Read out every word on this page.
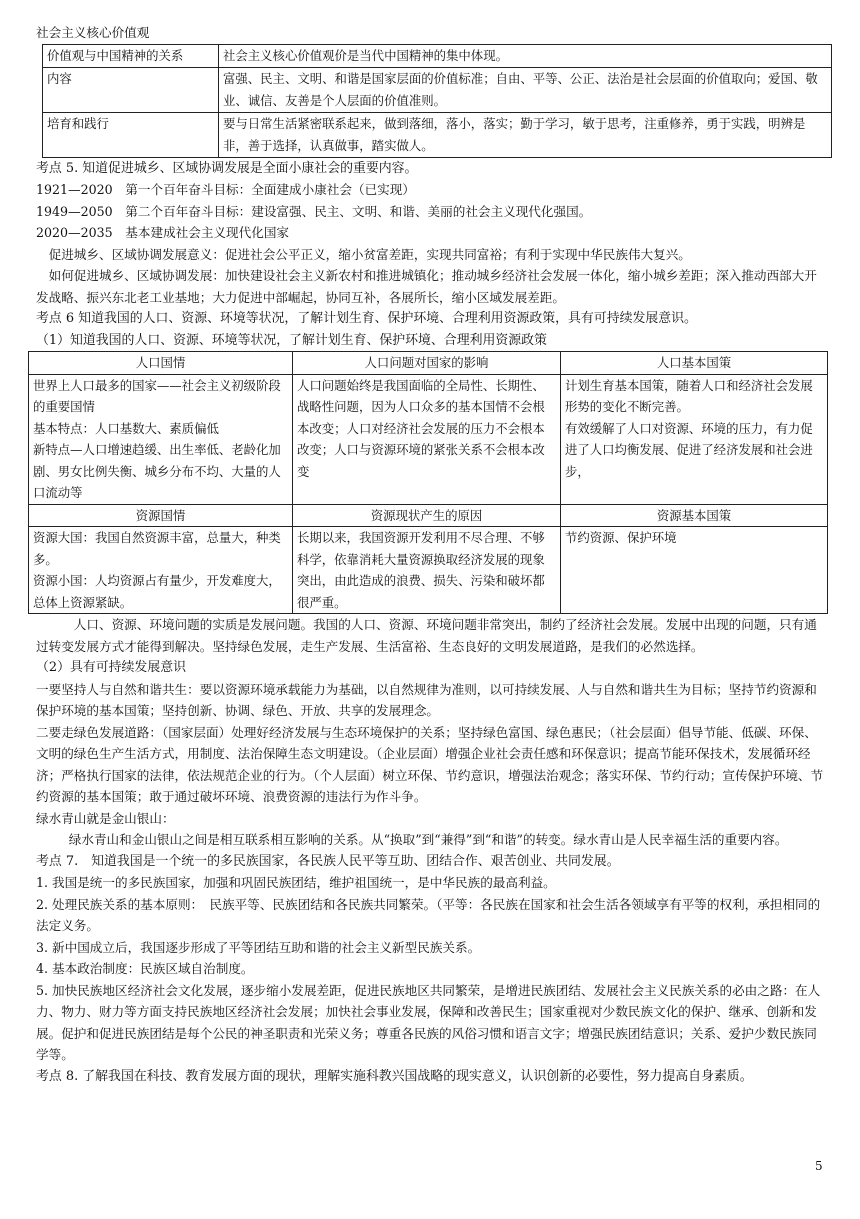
社会主义核心价值观

价值观与中国精神的关系	社会主义核心价值观价是当代中国精神的集中体现。
内容	富强、民主、文明、和谐是国家层面的价值标准；自由、平等、公正、法治是社会层面的价值取向；爱国、敬业、诚信、友善是个人层面的价值准则。
培育和践行	要与日常生活紧密联系起来，做到落细，落小，落实；勤于学习，敏于思考，注重修养，勇于实践，明辨是非，善于选择，认真做事，踏实做人。

考点 5. 知道促进城乡、区域协调发展是全面小康社会的重要内容。

1921—2020　第一个百年奋斗目标：全面建成小康社会（已实现）

1949—2050　第二个百年奋斗目标：建设富强、民主、文明、和谐、美丽的社会主义现代化强国。

2020—2035　基本建成社会主义现代化国家

促进城乡、区域协调发展意义：促进社会公平正义，缩小贫富差距，实现共同富裕；有利于实现中华民族伟大复兴。

如何促进城乡、区域协调发展：加快建设社会主义新农村和推进城镇化；推动城乡经济社会发展一体化，缩小城乡差距；深入推动西部大开发战略、振兴东北老工业基地；大力促进中部崛起，协同互补，各展所长，缩小区域发展差距。

考点 6 知道我国的人口、资源、环境等状况，了解计划生育、保护环境、合理利用资源政策，具有可持续发展意识。

（1）知道我国的人口、资源、环境等状况，了解计划生育、保护环境、合理利用资源政策

人口国情	人口问题对国家的影响	人口基本国策
世界上人口最多的国家——社会主义初级阶段的重要国情
基本特点：人口基数大、素质偏低
新特点—人口增速趋缓、出生率低、老龄化加剧、男女比例失衡、城乡分布不均、大量的人口流动等	人口问题始终是我国面临的全局性、长期性、战略性问题，因为人口众多的基本国情不会根本改变；人口对经济社会发展的压力不会根本改变；人口与资源环境的紧张关系不会根本改变	计划生育基本国策，随着人口和经济社会发展形势的变化不断完善。
有效缓解了人口对资源、环境的压力，有力促进了人口均衡发展、促进了经济发展和社会进步，
资源国情	资源现状产生的原因	资源基本国策
资源大国：我国自然资源丰富，总量大，种类多。
资源小国：人均资源占有量少，开发难度大，总体上资源紧缺。	长期以来，我国资源开发利用不尽合理、不够科学，依靠消耗大量资源换取经济发展的现象突出，由此造成的浪费、损失、污染和破坏都很严重。	节约资源、保护环境

人口、资源、环境问题的实质是发展问题。我国的人口、资源、环境问题非常突出，制约了经济社会发展。发展中出现的问题，只有通过转变发展方式才能得到解决。坚持绿色发展，走生产发展、生活富裕、生态良好的文明发展道路，是我们的必然选择。

（2）具有可持续发展意识

一要坚持人与自然和谐共生：要以资源环境承载能力为基础，以自然规律为准则，以可持续发展、人与自然和谐共生为目标；坚持节约资源和保护环境的基本国策；坚持创新、协调、绿色、开放、共享的发展理念。

二要走绿色发展道路：（国家层面）处理好经济发展与生态环境保护的关系；坚持绿色富国、绿色惠民；（社会层面）倡导节能、低碳、环保、文明的绿色生产生活方式，用制度、法治保障生态文明建设。（企业层面）增强企业社会责任感和环保意识；提高节能环保技术，发展循环经济；严格执行国家的法律，依法规范企业的行为。（个人层面）树立环保、节约意识，增强法治观念；落实环保、节约行动；宣传保护环境、节约资源的基本国策；敢于通过破坏环境、浪费资源的违法行为作斗争。

绿水青山就是金山银山：

绿水青山和金山银山之间是相互联系相互影响的关系。从“换取”到“兼得”到“和谐”的转变。绿水青山是人民幸福生活的重要内容。

考点 7.　知道我国是一个统一的多民族国家，各民族人民平等互助、团结合作、艰苦创业、共同发展。

1. 我国是统一的多民族国家，加强和巩固民族团结，维护祖国统一，是中华民族的最高利益。

2. 处理民族关系的基本原则：　民族平等、民族团结和各民族共同繁荣。（平等：各民族在国家和社会生活各领域享有平等的权利，承担相同的法定义务。

3. 新中国成立后，我国逐步形成了平等团结互助和谐的社会主义新型民族关系。

4. 基本政治制度：民族区域自治制度。

5. 加快民族地区经济社会文化发展，逐步缩小发展差距，促进民族地区共同繁荣，是增进民族团结、发展社会主义民族关系的必由之路：在人力、物力、财力等方面支持民族地区经济社会发展；加快社会事业发展，保障和改善民生；国家重视对少数民族文化的保护、继承、创新和发展。促护和促进民族团结是每个公民的神圣职责和光荣义务；尊重各民族的风俗习惯和语言文字；增强民族团结意识；关系、爱护少数民族同学等。

考点 8. 了解我国在科技、教育发展方面的现状，理解实施科教兴国战略的现实意义，认识创新的必要性，努力提高自身素质。

5
